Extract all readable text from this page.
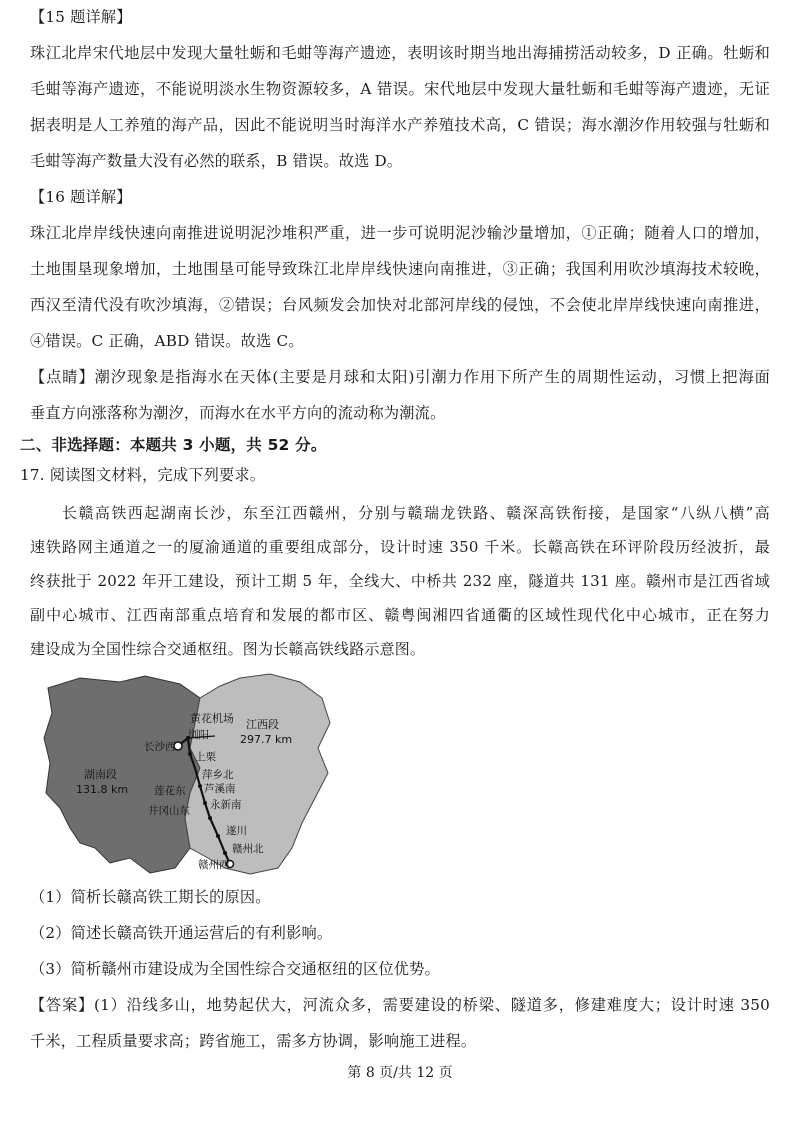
【15 题详解】
珠江北岸宋代地层中发现大量牡蛎和毛蚶等海产遗迹，表明该时期当地出海捕捞活动较多，D 正确。牡蛎和
毛蚶等海产遗迹，不能说明淡水生物资源较多，A 错误。宋代地层中发现大量牡蛎和毛蚶等海产遗迹，无证
据表明是人工养殖的海产品，因此不能说明当时海洋水产养殖技术高，C 错误；海水潮汐作用较强与牡蛎和
毛蚶等海产数量大没有必然的联系，B 错误。故选 D。
【16 题详解】
珠江北岸岸线快速向南推进说明泥沙堆积严重，进一步可说明泥沙输沙量增加，①正确；随着人口的增加，
土地围垦现象增加，土地围垦可能导致珠江北岸岸线快速向南推进，③正确；我国利用吹沙填海技术较晚，
西汉至清代没有吹沙填海，②错误；台风频发会加快对北部河岸线的侵蚀，不会使北岸岸线快速向南推进，
④错误。C 正确，ABD 错误。故选 C。
【点睛】潮汐现象是指海水在天体(主要是月球和太阳)引潮力作用下所产生的周期性运动，习惯上把海面
垂直方向涨落称为潮汐，而海水在水平方向的流动称为潮流。
二、非选择题：本题共 3 小题，共 52 分。
17. 阅读图文材料，完成下列要求。
长赣高铁西起湖南长沙，东至江西赣州，分别与赣瑞龙铁路、赣深高铁衔接，是国家“八纵八横”高
速铁路网主通道之一的厦渝通道的重要组成部分，设计时速 350 千米。长赣高铁在环评阶段历经波折，最
终获批于 2022 年开工建设，预计工期 5 年，全线大、中桥共 232 座，隧道共 131 座。赣州市是江西省域
副中心城市、江西南部重点培育和发展的都市区、赣粤闽湘四省通衢的区域性现代化中心城市，正在努力
建设成为全国性综合交通枢纽。图为长赣高铁线路示意图。
黄花机场 江西段
297.7 km
浏阳
长沙西
上栗
萍乡北
湖南段
131.8 km	芦溪南
莲花东
永新南
井冈山东
遂川
赣州北
赣州西
（1）简析长赣高铁工期长的原因。
（2）简述长赣高铁开通运营后的有利影响。
（3）简析赣州市建设成为全国性综合交通枢纽的区位优势。
【答案】(1）沿线多山，地势起伏大，河流众多，需要建设的桥梁、隧道多，修建难度大；设计时速 350
千米，工程质量要求高；跨省施工，需多方协调，影响施工进程。
第 8 页/共 12 页
